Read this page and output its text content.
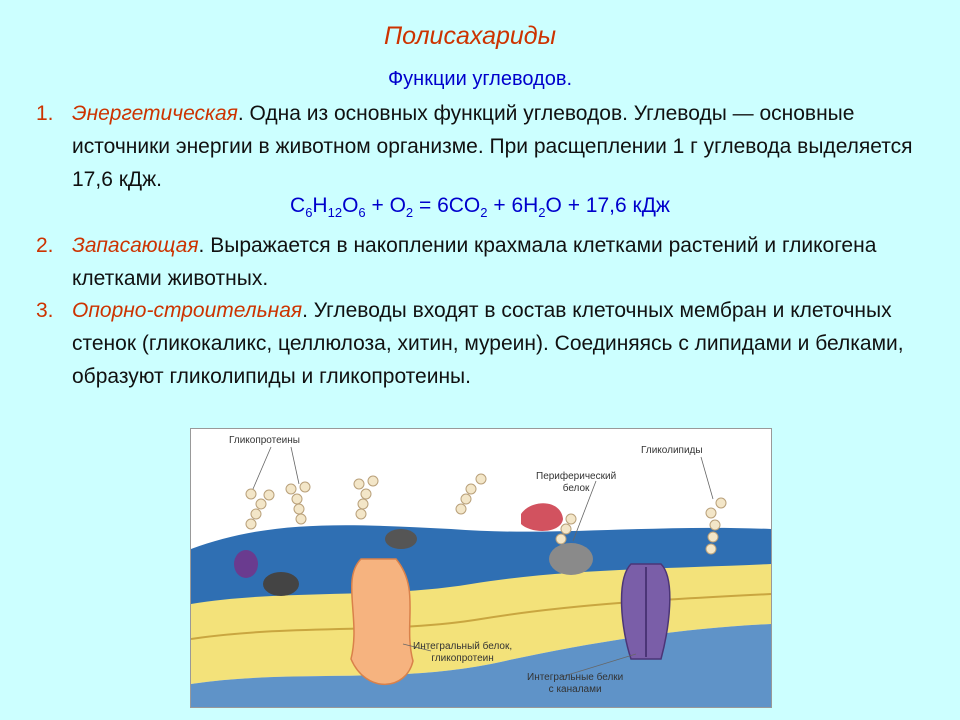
Полисахариды
Функции углеводов.
1. Энергетическая. Одна из основных функций углеводов. Углеводы — основные источники энергии в животном организме. При расщеплении 1 г углевода выделяется 17,6 кДж.
$C_6H_{12}O_6 + O_2 = 6CO_2 + 6H_2O + 17,6$ кДж
2. Запасающая. Выражается в накоплении крахмала клетками растений и гликогена клетками животных.
3. Опорно-строительная. Углеводы входят в состав клеточных мембран и клеточных стенок (гликокаликс, целлюлоза, хитин, муреин). Соединяясь с липидами и белками, образуют гликолипиды и гликопротеины.
Гликопротеины
Гликолипиды
Периферический
белок
Интегральный белок,
гликопротеин
Интегральные белки
с каналами
